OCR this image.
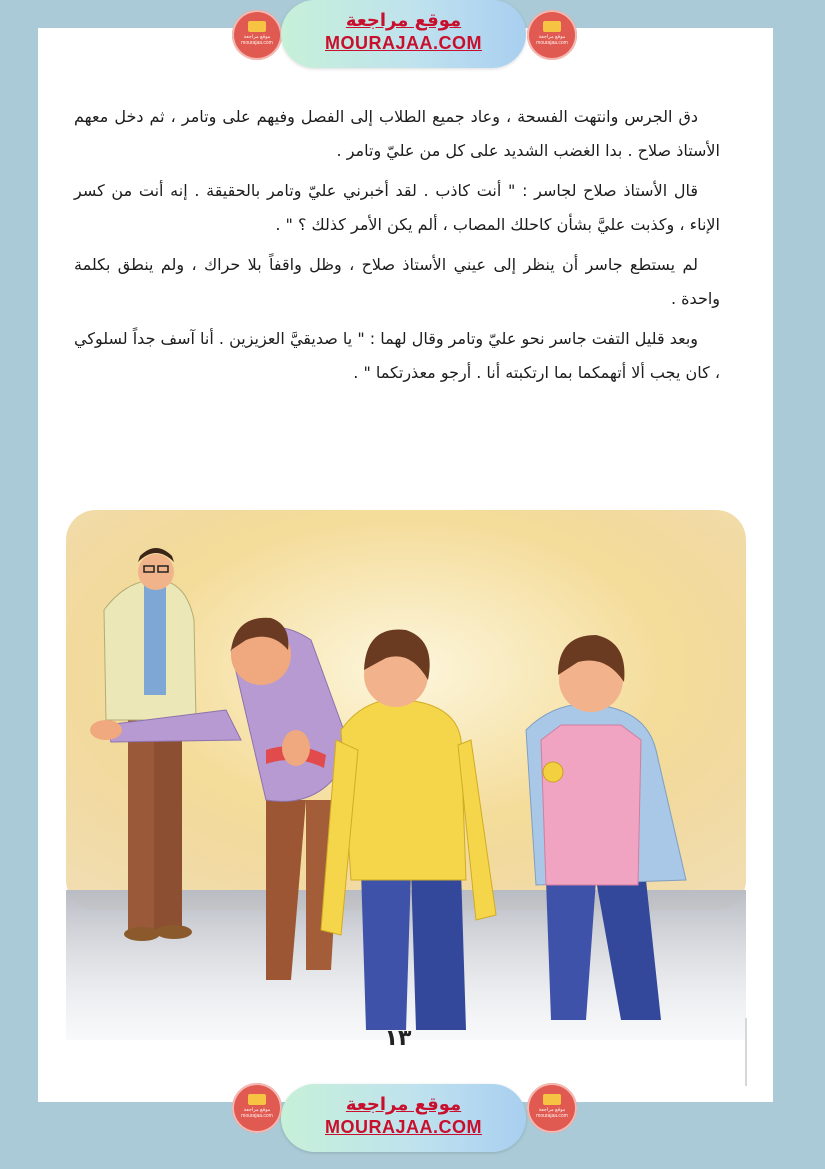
موقع مراجعة
mourajaa.com
موقع مراجعة
MOURAJAA.COM	موقع مراجعة
mourajaa.com

دق الجرس وانتهت الفسحة ، وعاد جميع الطلاب إلى الفصل وفيهم على وتامر ، ثم دخل معهم الأستاذ صلاح . بدا الغضب الشديد على كل من عليّ وتامر .

قال الأستاذ صلاح لجاسر : " أنت كاذب . لقد أخبرني عليّ وتامر بالحقيقة . إنه أنت من كسر الإناء ، وكذبت عليَّ بشأن كاحلك المصاب ، ألم يكن الأمر كذلك ؟ " .

لم يستطع جاسر أن ينظر إلى عيني الأستاذ صلاح ، وظل واقفاً بلا حراك ، ولم ينطق بكلمة واحدة .

وبعد قليل التفت جاسر نحو عليّ وتامر وقال لهما : " يا صديقيَّ العزيزين . أنا آسف جداً لسلوكي ، كان يجب ألا أتهمكما بما ارتكبته أنا . أرجو معذرتكما " .

١٣
موقع مراجعة
mourajaa.com
موقع مراجعة
MOURAJAA.COM
موقع مراجعة
mourajaa.com
